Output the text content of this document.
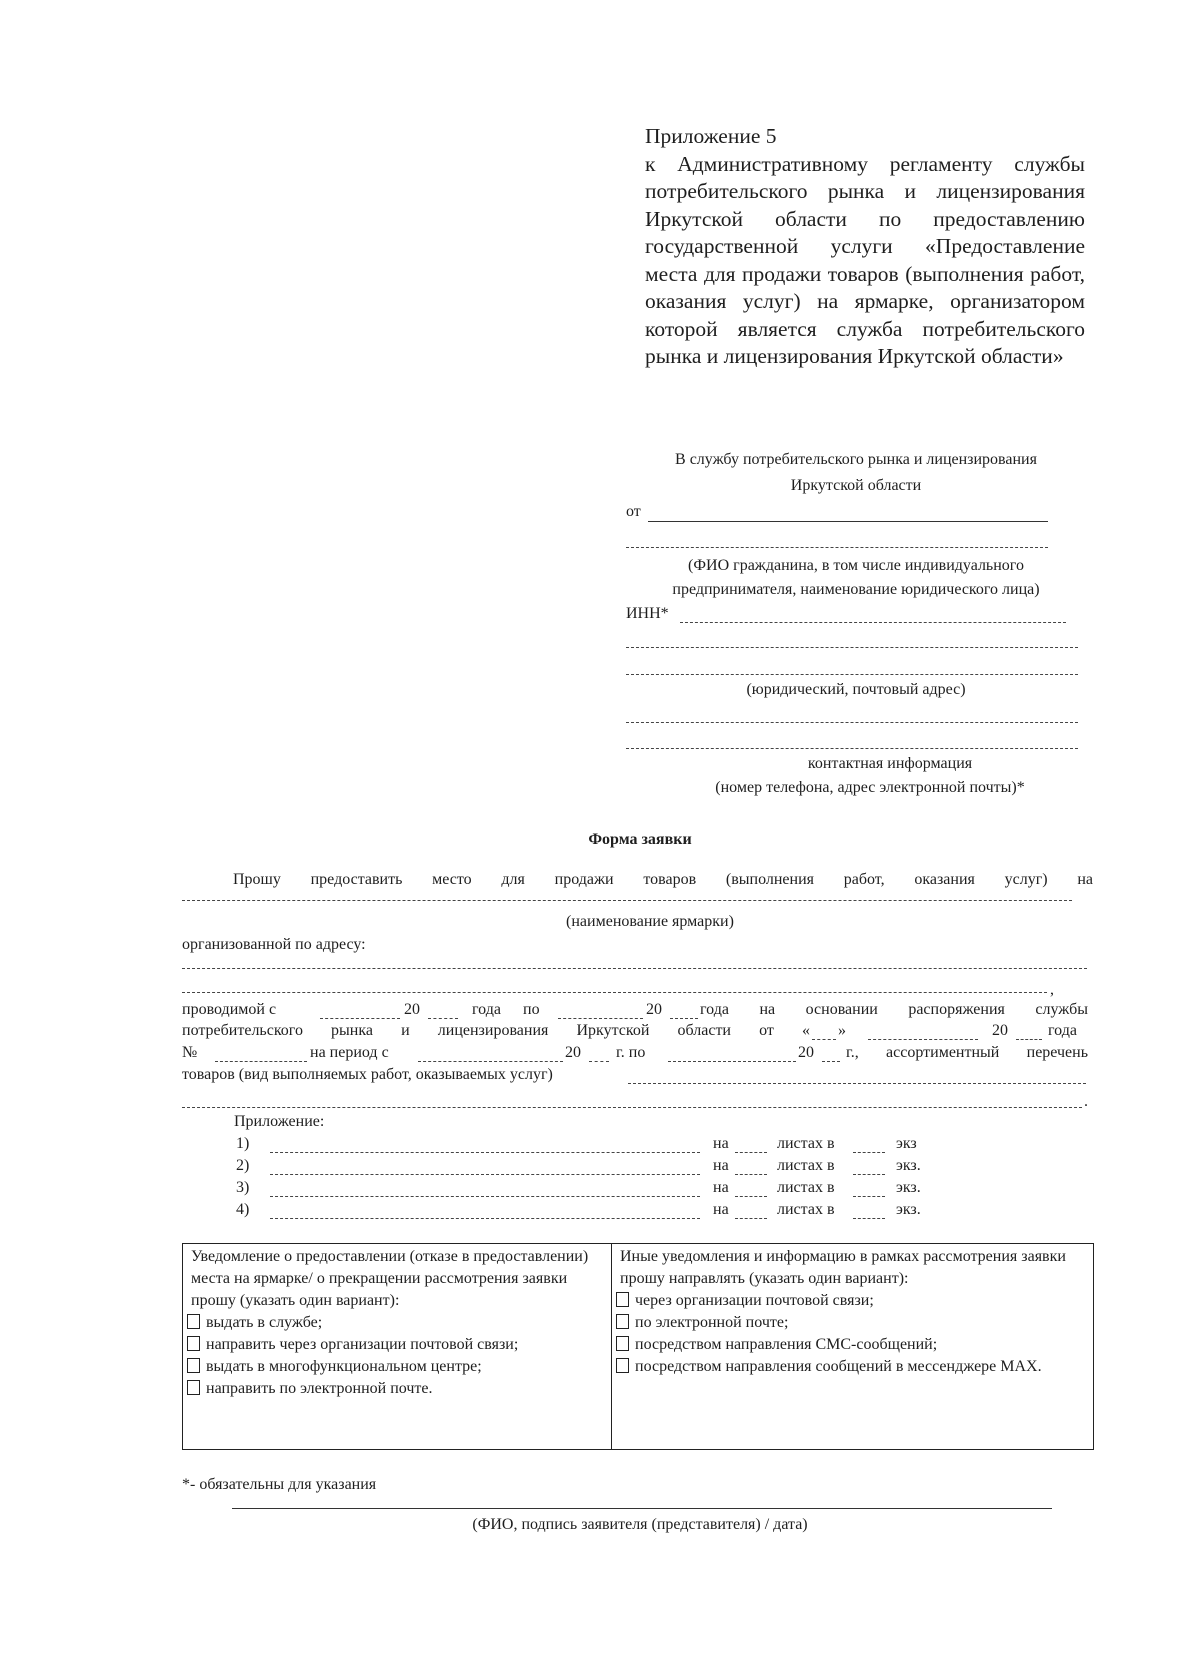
Приложение 5
к Административному регламенту службы потребительского рынка и лицензирования Иркутской области по предоставлению государственной услуги «Предоставление места для продажи товаров (выполнения работ, оказания услуг) на ярмарке, организатором которой является служба потребительского рынка и лицензирования Иркутской области»
В службу потребительского рынка и лицензирования
Иркутской области
от
(ФИО гражданина, в том числе индивидуального
предпринимателя, наименование юридического лица)
ИНН*
(юридический, почтовый адрес)
контактная информация
(номер телефона, адрес электронной почты)*
Форма заявки
Прошу предоставить место для продажи товаров (выполнения работ, оказания услуг) на
(наименование ярмарки)
организованной по адресу:
,
проводимой с	20	года по	20 года на основании распоряжения службы
потребительского рынка и лицензирования Иркутской области от « »	20	года
№	на период с	20 г. по	20 г., ассортиментный перечень
товаров (вид выполняемых работ, оказываемых услуг)
.
Приложение:
1)	на	листах в	экз
2)	на	листах в	экз.
3)	на	листах в	экз.
4)	на	листах в	экз.
Уведомление о предоставлении (отказе в предоставлении) места на ярмарке/ о прекращении рассмотрения заявки прошу (указать один вариант):
выдать в службе;
направить через организации почтовой связи;
выдать в многофункциональном центре;
направить по электронной почте.

Иные уведомления и информацию в рамках рассмотрения заявки прошу направлять (указать один вариант):
через организации почтовой связи;
по электронной почте;
посредством направления СМС-сообщений;
посредством направления сообщений в мессенджере MAX.
*- обязательны для указания
(ФИО, подпись заявителя (представителя) / дата)
